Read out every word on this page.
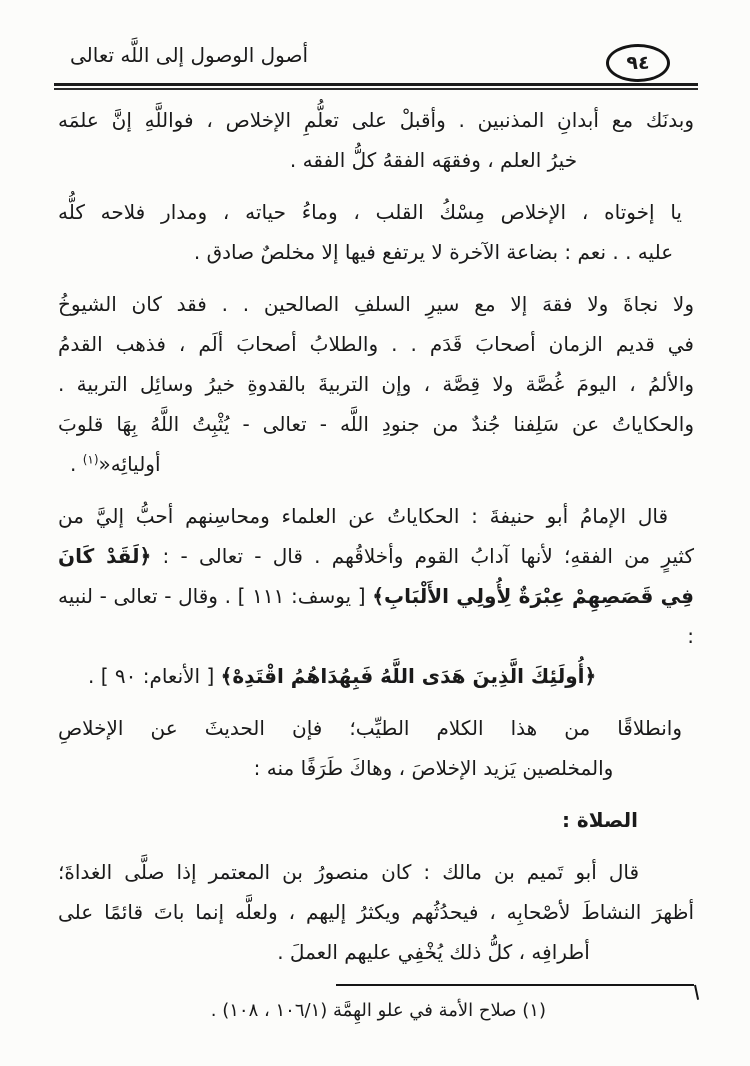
أصول الوصول إلى اللَّه تعالى	٩٤
وبدنَك مع أبدانِ المذنبين . وأقبلْ على تعلُّمِ الإخلاص ، فواللَّهِ إنَّ علمَه
خيرُ العلم ، وفقهَه الفقهُ كلُّ الفقه .
يا إخوتاه ، الإخلاص مِسْكُ القلب ، وماءُ حياته ، ومدار فلاحه كلُّه
عليه . . نعم : بضاعة الآخرة لا يرتفع فيها إلا مخلصٌ صادق .
ولا نجاةَ ولا فقهَ إلا مع سيرِ السلفِ الصالحين . . فقد كان الشيوخُ
في قديم الزمان أصحابَ قَدَم . . والطلابُ أصحابَ ألَم ، فذهب القدمُ
والألمُ ، اليومَ غُصَّة ولا قِصَّة ، وإن التربيةَ بالقدوةِ خيرُ وسائِل التربية .
والحكاياتُ عن سَلِفنا جُندٌ من جنودِ اللَّه - تعالى - يُثْبِتُ اللَّهُ بِهَا قلوبَ
أوليائِه«$^{(١)}$ .
قال الإمامُ أبو حنيفةَ : الحكاياتُ عن العلماء ومحاسِنهم أحبُّ إليَّ من
كثيرٍ من الفقهِ؛ لأنها آدابُ القوم وأخلاقُهم . قال - تعالى - : ﴿لَقَدْ كَانَ
فِي قَصَصِهِمْ عِبْرَةٌ لِأُولِي الأَلْبَابِ﴾ [ يوسف: ١١١ ] . وقال - تعالى - لنبيه :
﴿أُولَئِكَ الَّذِينَ هَدَى اللَّهُ فَبِهُدَاهُمُ اقْتَدِهْ﴾ [ الأنعام: ٩٠ ] .
وانطلاقًا من هذا الكلام الطيِّب؛ فإن الحديثَ عن الإخلاصِ
والمخلصين يَزيد الإخلاصَ ، وهاكَ طَرَفًا منه :
الصلاة :
قال أبو تَميم بن مالك : كان منصورُ بن المعتمر إذا صلَّى الغداةَ؛
أظهرَ النشاطَ لأصْحابِه ، فيحدُثُهم ويكثرُ إليهم ، ولعلَّه إنما باتَ قائمًا على
أطرافِه ، كلُّ ذلك يُخْفِي عليهم العملَ .
(١) صلاح الأمة في علو الهِمَّة (١٠٦/١ ، ١٠٨) .
